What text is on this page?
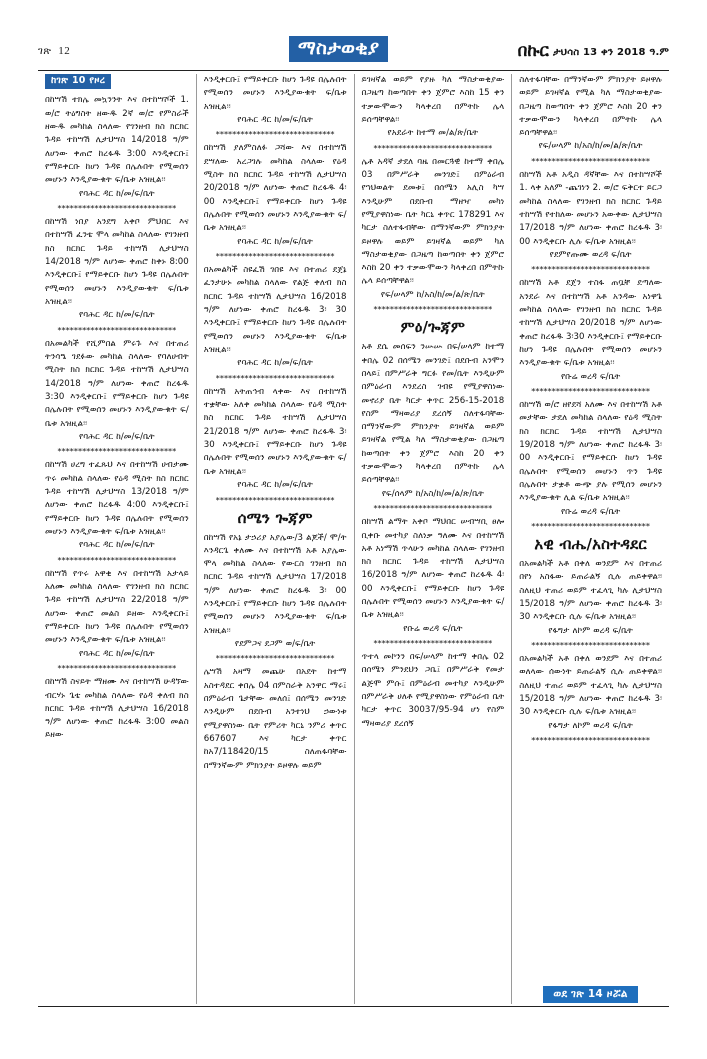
ገጽ 12	ማስታወቂያ	በኩር ታህሳስ 13 ቀን 2018 ዓ.ም
ከገጽ 10 የዞረ

በከሣሽ ተክሌ መኳንንት እና በተከሣሾች 1. ወ/ሮ ትዕግስት ዘውዱ 2ኛ ወ/ሮ የምስራች ዘውዱ መካከል ስላለው የገንዘብ ክስ ክርክር ጉዳይ ተከሣሽ ሊታህሣስ 14/2018 ዓ/ም ለሆነው ቀጠሮ ከረፋዱ 3:00 እንዲቀርቡ፤ የማይቀርቡ ከሆነ ጉዳዩ በሌሉበት የሚወሰን መሆኑን እንዲያውቁት ፍ/ቤቱ አዝዚል፡፡

የባሕር ዳር ከ/መ/ፍ/ቤት
*****************************

በከሣሽ ነበያ አንደግ አቀቦ ምህበር እና በተከሣሽ ፈንቴ ሞላ መካከል ስላለው የገንዘብ ክስ ክርክር ጉዳይ ተከሣሽ ሊታህሣስ 14/2018 ዓ/ም ለሆነው ቀጠሮ ከቀኑ 8:00 እንዲቀርቡ፤ የማይቀርቡ ከሆነ ጉዳዩ በሌሉበት የሚወሰን መሆኑን እንዲያውቁት ፍ/ቤቱ አዝዚል፡፡

የባሕር ዳር ከ/መ/ፍ/ቤት
*****************************

በአመልካች የሺምበል ምሩጉ እና በተጠሪ ትንሳዔ ገደፉው መካከል ስላለው የባለሀብት ሚስት ክስ ክርክር ጉዳይ ተከሣሽ ሊታህሣስ 14/2018 ዓ/ም ለሆነው ቀጠሮ ከረፋዱ 3:30 እንዲቀርቡ፤ የማይቀርቡ ከሆነ ጉዳዩ በሌሉበት የሚወሰን መሆኑን እንዲያውቁት ፍ/ቤቱ አዝዚል፡፡

የባሕር ዳር ከ/መ/ፍ/ቤት
*****************************

በከሣሽ ሀረግ ተፈጹህ እና በተከሣሽ ሀብታሙ ጥሩ መካከል ስላለው የዕዳ ሚስት ክስ ክርክር ጉዳይ ተከሣሽ ሊታህሣስ 13/2018 ዓ/ም ለሆነው ቀጠሮ ከረፋዱ 4:00 እንዲቀርቡ፤ የማይቀርቡ ከሆነ ጉዳዩ በሌሉበት የሚወሰን መሆኑን እንዲያውቁት ፍ/ቤቱ አዝዚል፡፡

የባሕር ዳር ከ/መ/ፍ/ቤት
*****************************

በከሣሽ የጥሩ አዋቂ እና በተከሣሽ አታላይ አለሙ መካከል ስላለው የገንዘብ ክስ ክርክር ጉዳይ ተከሣሽ ሊታህሣስ 22/2018 ዓ/ም ለሆነው ቀጠሮ መልስ ይዘው እንዲቀርቡ፤ የማይቀርቡ ከሆነ ጉዳዩ በሌሉበት የሚወሰን መሆኑን እንዲያውቁት ፍ/ቤቱ አዝዚል፡፡

የባሕር ዳር ከ/መ/ፍ/ቤት
*****************************

በከሣሽ ስናይት ማዘሙ እና በተከሣሽ ሁዳኘው ብርሃኑ ጌቴ መካከል ስላለው የዕዳ ቀለብ ክስ ክርክር ጉዳይ ተከሣሽ ሊታህሣስ 16/2018 ዓ/ም ለሆነው ቀጠሮ ከረፋዱ 3:00 መልስ ይዘው

እንዲቀርቡ፤ የማይቀርቡ ከሆነ ጉዳዩ በሌሉበት የሚወሰን መሆኑን እንዲያውቁት ፍ/ቤቱ አዝዚል፡፡

የባሕር ዳር ከ/መ/ፍ/ቤት
*****************************

በከሣሽ ያለምስለፉ ጋሻው እና በተከሣሽ ደሣለው አረጋገሉ መካከል ስላለው የዕዳ ሚስት ክስ ክርክር ጉዳይ ተከሣሽ ሊታህሣስ 20/2018 ዓ/ም ለሆነው ቀጠሮ ከረፋዱ 4፡ 00 እንዲቀርቡ፤ የማይቀርቡ ከሆነ ጉዳዩ በሌሉበት የሚወሰን መሆኑን እንዲያውቁት ፍ/ቤቱ አዝዚል፡፡

የባሕር ዳር ከ/መ/ፍ/ቤት
*****************************

በአመልካች ስዩፈሽ ገበዩ እና በተጠሪ ደጀኔ ፈንታሁኑ መካከል ስላለው የልጅ ቀለብ ክስ ክርክር ጉዳይ ተከሣሽ ሊታህሣስ 16/2018 ዓ/ም ለሆነው ቀጠሮ ከረፋዱ 3፡ 30 እንዲቀርቡ፤ የማይቀርቡ ከሆነ ጉዳዩ በሌሉበት የሚወሰን መሆኑን እንዲያውቁት ፍ/ቤቱ አዝዚል፡፡

የባሕር ዳር ከ/መ/ፍ/ቤት
*****************************

በከሣሽ አትጠኅብ ላቀው እና በተከሣሽ ተቋቸው አለቀ መካከል ስላለው የዕዳ ሚስት ክስ ክርክር ጉዳይ ተከሣሽ ሊታህሣስ 21/2018 ዓ/ም ለሆነው ቀጠሮ ከረፋዱ 3፡ 30 እንዲቀርቡ፤ የማይቀርቡ ከሆነ ጉዳዩ በሌሉበት የሚወሰን መሆኑን እንዲያውቁት ፍ/ቤቱ አዝዚል፡፡

የባሕር ዳር ከ/መ/ፍ/ቤት
*****************************
ሰሜን ጐጃም

በከሣሽ የአኔ ታኃሪያ አያሌው/3 ልጆች/ ሞ/ት እንዳርጌ ቀለሙ እና በተከሣሽ አቶ አያሌው ሞላ መካከል ስላለው የውርስ ገንዘብ ክስ ክርክር ጉዳይ ተከሣሽ ሊታህሣስ 17/2018 ዓ/ም ለሆነው ቀጠሮ ከረፋዱ 3፡ 00 እንዲቀርቡ፤ የማይቀርቡ ከሆነ ጉዳዩ በሌሉበት የሚወሰን መሆኑን እንዲያውቁት ፍ/ቤቱ አዝዚል፡፡

የደምጋና ደጋም ወ/ፍ/ቤት
*****************************

ሌሣሽ አዛማ መጨሁ በአደት ከተማ አስተዳደር ቀበሌ 04 በምስራቅ አንዋር ማሩ፤ በምዕራብ ጌታቸው መለሰ፤ በሰሜን መንገድ እንዲሁም በደቡብ አንተነህ ኃውነቱ የሚያዋስነው ቤት የምሪት ካርኒ ንምሪ ቀጥር 667607 እና ካርታ ቀጥር ከአ7/118420/15 ስለጠፋባቸው በማንኛውም ምክንያት ይዞዋሉ ወይም

ይገዛኛል ወይም የያዙ ካለ ማስታወቂያው በጋዜጣ ከወጣበት ቀን ጀምሮ እስከ 15 ቀን ተቃውሞውን ካላቀረበ በምትኩ ሌላ ይሰጣቸዋል፡፡

የአደራት ከተማ መ/ል/ጽ/ቤት
*****************************

ሌቶ አዳኛ ታደለ ባዜ በመርጓዊ ከተማ ቀበሌ 03 በምሥራቅ መንገድ፤ በምዕራብ የኀህወልት ደመቱ፤ በሰሜን አሊስ ካሣ እንዲሁም በደቡብ ማዘዣ መካነ የሚያዋስነው ቤት ካርኒ ቀጥር 178291 እና ካርታ ስለተፋብቸው በማንኛውም ምክንያት ይዞዋሉ ወይም ይገዛኛል ወይም ካለ ማስታወቂያው በጋዜጣ ከወጣበት ቀን ጀምሮ እስከ 20 ቀን ተቃውሞውን ካላቀረበ በምትኩ ሌላ ይሰጣቸዋል፡፡

የፍ/ሠላም ከ/አስ/ከ/መ/ል/ጽ/ቤት
*****************************
ምዕ/ጐጃም

አቶ ደሴ መሰፍን ንሡሡ በፍ/ሠላም ከተማ ቀበሌ 02 በሰሜን መንገድ፤ በደቡብ አንሞን በላይ፤ በምሥራቅ ግርፉ የመ/ቤት እንዲሁም በምዕራብ እንደረስ ገብዩ የሚያዋስነው መኖሪያ ቤት ካርታ ቀጥር 256-15-2018 የስም ማዛወሪያ ደረሰኝ ስለተፋባቸው በማንኛውም ምክንያት ይገዛኛል ወይም ይገዛኛል የሚል ካለ ማስታወቂያው በጋዜጣ ከወጣበት ቀን ጀምሮ እስከ 20 ቀን ተቃውሞውን ካላቀረበ በምትኩ ሌላ ይሰጣቸዋል፡፡

የፍ/ሰላም ከ/አስ/ከ/መ/ል/ጽ/ቤት
*****************************

በከሣሽ ልማት አቀቦ ማህበር ሠብሣቢ ፀሎ ቢቀቡ መተካያ ስለነቃ ዓለሙ እና በተከሣሽ አቶ አነማሽ ጥላሁን መካከል ስላለው የገንዘብ ክስ ክርክር ጉዳይ ተከሣሽ ሊታህሣስ 16/2018 ዓ/ም ለሆነው ቀጠሮ ከረፋዱ 4፡00 እንዲቀርቡ፤ የማይቀርቡ ከሆነ ጉዳዩ በሌሉበት የሚወሰን መሆኑን እንዲያውቁት ፍ/ቤቱ አዝዚል፡፡

የቡሬ ወረዳ ፍ/ቤት
*****************************

ጥተላ መኮንን በፍ/ሠላም ከተማ ቀበሌ 02 በሰሜን ምንደህን ጋቤ፤ በምሥራቅ የመታ ልጅሞ ምሱ፤ በምዕራብ መተካያ እንዲሁም በምሥራቅ ሀለቶ የሚያዋስነው የምዕራብ ቤት ካርታ ቀጥር 30037/95-94 ሆነ የስም ማዛወሪያ ደረሰኝ

ስለተፋባቸው በማንኛውም ምክንያት ይዞዋሉ ወይም ይገዛኛል የሚል ካለ ማስታወቂያው በጋዜጣ ከወጣበት ቀን ጀምሮ እስከ 20 ቀን ተቃውሞውን ካላቀረበ በምትኩ ሌላ ይሰጣቸዋል፡፡

የፍ/ሠላም ከ/አስ/ከ/መ/ል/ጽ/ቤት
*****************************

በከሣሽ አቶ አዲስ ዳኛቸው እና በተከሣሾች 1. ላቀ አለም -ጨገነን 2. ወ/ሮ ፍቅርተ ይርጋ መካከል ስላለው የገንዘብ ክስ ክርክር ጉዳይ ተከሣሽ የተከለው መሆኑን አውቀው ሊታህሣስ 17/2018 ዓ/ም ለሆነው ቀጠሮ ከረፋዱ 3፡00 እንዲቀርቡ ሊሉ ፍ/ቤቱ አዝዚል፡፡

የደምየጡሙ ወረዳ ፍ/ቤት
*****************************

በከሣሽ አቶ ደጀን ተስፋ ጠቧቸ ደጣለው አንደራ እና በተከሣሽ አቶ አንዳው አነዋጌ መካከል ስላለው የገንዘብ ክስ ክርክር ጉዳይ ተከሣሽ ሊታህሣስ 20/2018 ዓ/ም ለሆነው ቀጠሮ ከረፋዱ 3፡30 እንዲቀርቡ፤ የማይቀርቡ ከሆነ ጉዳዩ በሌሉበት የሚወሰን መሆኑን እንዲያውቁት ፍ/ቤቱ አዝዚል፡፡

የቡሬ ወረዳ ፍ/ቤት
*****************************

በከሣሽ ወ/ሮ ዘየደሻ አለሙ እና በተከሣሽ አቶ መታቸው ታደለ መካከል ስላለው የዕዳ ሚስት ክስ ክርክር ጉዳይ ተከሣሽ ሊታህሣስ 19/2018 ዓ/ም ለሆነው ቀጠሮ ከረፋዱ 3፡00 እንዲቀርቡ፤ የማይቀርቡ ከሆነ ጉዳዩ በሌሉበት የሚወሰን መሆኑን ጥን ጉዳዩ በሌሉበት ታቋቶ ውጭ ያሉ የሚሰን መሆኑን እንዲያውቁት ሊል ፍ/ቤቱ አዝዚል፡፡

የቡሬ ወረዳ ፍ/ቤት
*****************************
አዊ ብሔ/አስተዳደር

በአመልካች አቶ በቀለ ወንደም እና በተጠሪ በየነ አስፋው ይጠራልኝ ሲሉ ጠይቀዋል፡፡ ስለዚህ ተጠሪ ወይም ተፈላጊ ካሉ ሊታህሣስ 15/2018 ዓ/ም ለሆነው ቀጠሮ ከረፋዱ 3፡30 እንዲቀርቡ ሲሉ ፍ/ቤቱ አዝዚል፡፡

የፋግታ ለኮም ወረዳ ፍ/ቤት
*****************************

በአመልካች አቶ በቀለ ወንደም እና በተጠሪ ወለላው ሰውነት ይጠራልኝ ሲሉ ጠይቀዋል፡፡ ስለዚህ ተጠሪ ወይም ተፈላጊ ካሉ ሊታህሣስ 15/2018 ዓ/ም ለሆነው ቀጠሮ ከረፋዱ 3፡30 እንዲቀርቡ ሲሉ ፍ/ቤቱ አዝዚል፡፡

የፋግታ ለኮም ወረዳ ፍ/ቤት
*****************************
ወደ ገጽ 14 ዞሯል
